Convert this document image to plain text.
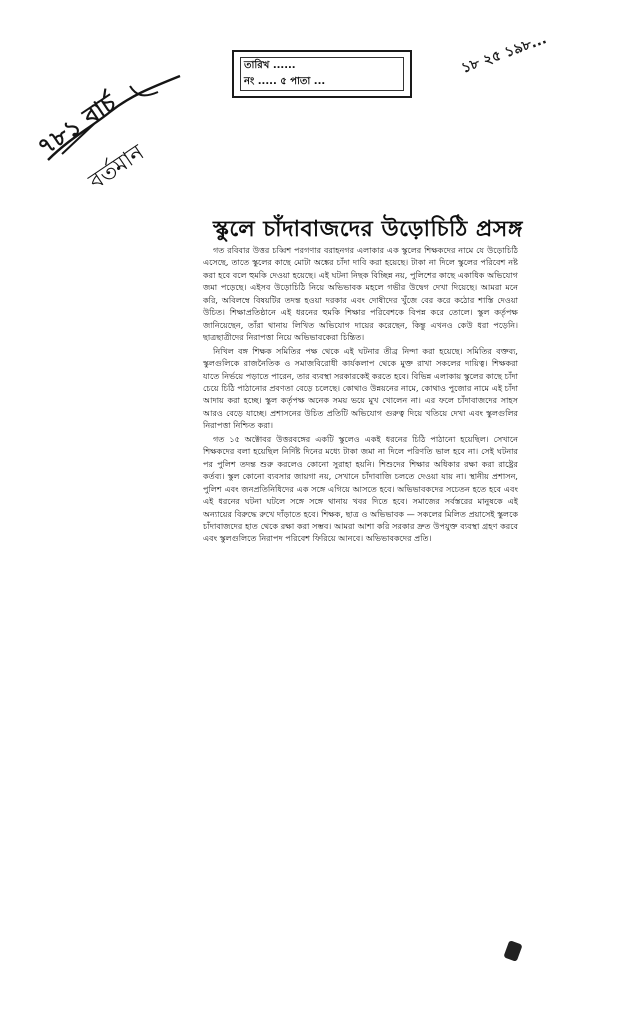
১৮ ২৫ ১৯৮...
তারিখ ......
নং ..... ৫ পাতা ...
৭৮১ বার্চ
বর্তমান
স্কুলে চাঁদাবাজদের উড়োচিঠি প্রসঙ্গ

গত রবিবার উত্তর চব্বিশ পরগণার বরাহনগর এলাকার এক স্কুলের শিক্ষকদের নামে যে উড়োচিঠি এসেছে, তাতে স্কুলের কাছে মোটা অঙ্কের চাঁদা দাবি করা হয়েছে। টাকা না দিলে স্কুলের পরিবেশ নষ্ট করা হবে বলে হুমকি দেওয়া হয়েছে। এই ঘটনা নিছক বিচ্ছিন্ন নয়, পুলিশের কাছে একাধিক অভিযোগ জমা পড়েছে। এইসব উড়োচিঠি নিয়ে অভিভাবক মহলে গভীর উদ্বেগ দেখা দিয়েছে। আমরা মনে করি, অবিলম্বে বিষয়টির তদন্ত হওয়া দরকার এবং দোষীদের খুঁজে বের করে কঠোর শাস্তি দেওয়া উচিত। শিক্ষাপ্রতিষ্ঠানে এই ধরনের হুমকি শিক্ষার পরিবেশকে বিপন্ন করে তোলে। স্কুল কর্তৃপক্ষ জানিয়েছেন, তাঁরা থানায় লিখিত অভিযোগ দায়ের করেছেন, কিন্তু এখনও কেউ ধরা পড়েনি। ছাত্রছাত্রীদের নিরাপত্তা নিয়ে অভিভাবকেরা চিন্তিত।

নিখিল বঙ্গ শিক্ষক সমিতির পক্ষ থেকে এই ঘটনার তীব্র নিন্দা করা হয়েছে। সমিতির বক্তব্য, স্কুলগুলিকে রাজনৈতিক ও সমাজবিরোধী কার্যকলাপ থেকে মুক্ত রাখা সকলের দায়িত্ব। শিক্ষকরা যাতে নির্ভয়ে পড়াতে পারেন, তার ব্যবস্থা সরকারকেই করতে হবে। বিভিন্ন এলাকায় স্কুলের কাছে চাঁদা চেয়ে চিঠি পাঠানোর প্রবণতা বেড়ে চলেছে। কোথাও উন্নয়নের নামে, কোথাও পুজোর নামে এই চাঁদা আদায় করা হচ্ছে। স্কুল কর্তৃপক্ষ অনেক সময় ভয়ে মুখ খোলেন না। এর ফলে চাঁদাবাজদের সাহস আরও বেড়ে যাচ্ছে। প্রশাসনের উচিত প্রতিটি অভিযোগ গুরুত্ব দিয়ে খতিয়ে দেখা এবং স্কুলগুলির নিরাপত্তা নিশ্চিত করা।

গত ১৫ অক্টোবর উত্তরবঙ্গের একটি স্কুলেও একই ধরনের চিঠি পাঠানো হয়েছিল। সেখানে শিক্ষকদের বলা হয়েছিল নির্দিষ্ট দিনের মধ্যে টাকা জমা না দিলে পরিণতি ভাল হবে না। সেই ঘটনার পর পুলিশ তদন্ত শুরু করলেও কোনো সুরাহা হয়নি। শিশুদের শিক্ষার অধিকার রক্ষা করা রাষ্ট্রের কর্তব্য। স্কুল কোনো ব্যবসার জায়গা নয়, সেখানে চাঁদাবাজি চলতে দেওয়া যায় না। স্থানীয় প্রশাসন, পুলিশ এবং জনপ্রতিনিধিদের এক সঙ্গে এগিয়ে আসতে হবে। অভিভাবকদের সচেতন হতে হবে এবং এই ধরনের ঘটনা ঘটলে সঙ্গে সঙ্গে থানায় খবর দিতে হবে। সমাজের সর্বস্তরের মানুষকে এই অন্যায়ের বিরুদ্ধে রুখে দাঁড়াতে হবে। শিক্ষক, ছাত্র ও অভিভাবক — সকলের মিলিত প্রয়াসেই স্কুলকে চাঁদাবাজদের হাত থেকে রক্ষা করা সম্ভব। আমরা আশা করি সরকার দ্রুত উপযুক্ত ব্যবস্থা গ্রহণ করবে এবং স্কুলগুলিতে নিরাপদ পরিবেশ ফিরিয়ে আনবে। অভিভাবকদের প্রতি।
